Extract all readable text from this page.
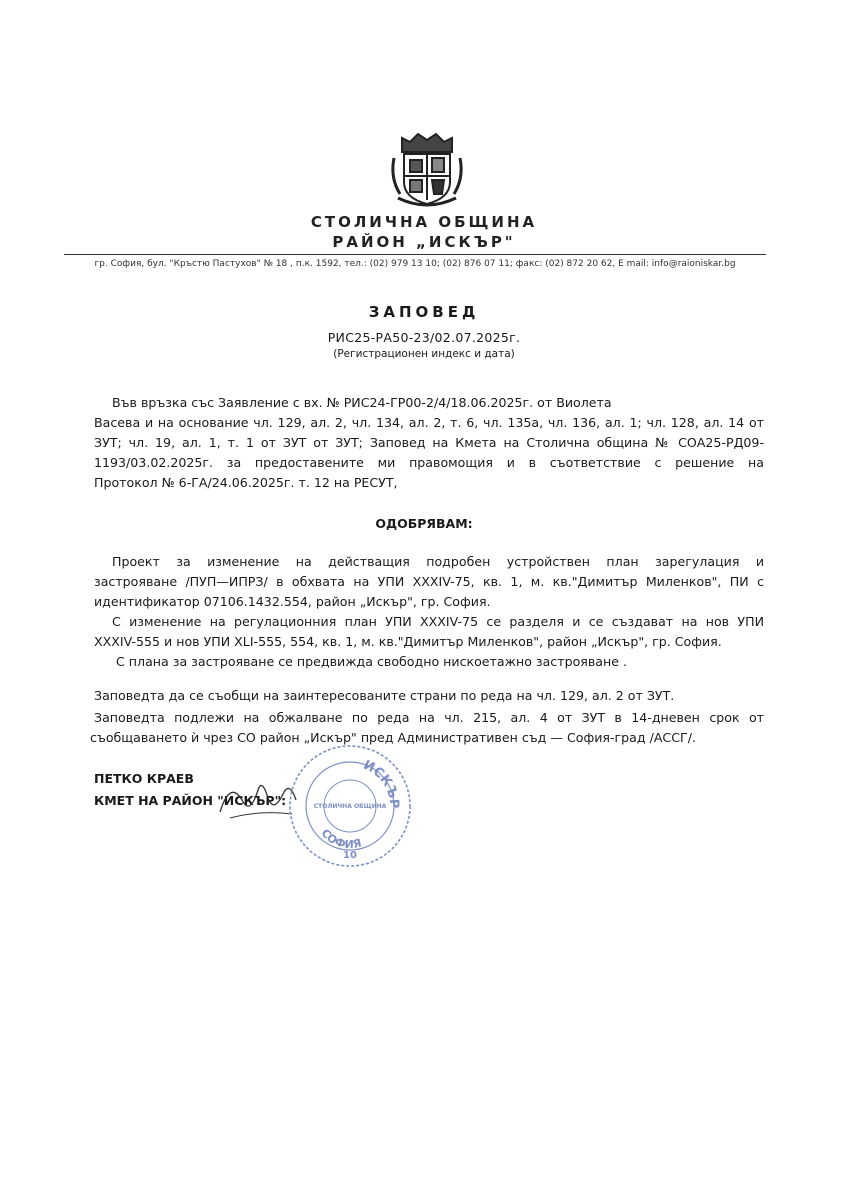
СТОЛИЧНА ОБЩИНА
РАЙОН „ИСКЪР"
гр. София, бул. "Кръстю Пастухов" № 18 , п.к. 1592, тел.: (02) 979 13 10; (02) 876 07 11; факс: (02) 872 20 62, E mail: info@raioniskar.bg
ЗАПОВЕД
РИС25-РА50-23/02.07.2025г.
(Регистрационен индекс и дата)
Във връзка със Заявление с вх. № РИС24-ГР00-2/4/18.06.2025г. от Виолета
Васева и на основание чл. 129, ал. 2, чл. 134, ал. 2, т. 6, чл. 135а, чл. 136, ал. 1; чл. 128, ал. 14 от
ЗУТ; чл. 19, ал. 1, т. 1 от ЗУТ от ЗУТ; Заповед на Кмета на Столична община № СОА25-РД09-
1193/03.02.2025г. за предоставените ми правомощия и в съответствие с решение на
Протокол № 6-ГА/24.06.2025г. т. 12 на РЕСУТ,
ОДОБРЯВАМ:
Проект за изменение на действащия подробен устройствен план зарегулация и
застрояване /ПУП—ИПРЗ/ в обхвата на УПИ XXXIV-75, кв. 1, м. кв."Димитър Миленков", ПИ с
идентификатор 07106.1432.554, район „Искър", гр. София.
С изменение на регулационния план УПИ XXXIV-75 се разделя и се създават на нов УПИ
XXXIV-555 и нов УПИ XLI-555, 554, кв. 1, м. кв."Димитър Миленков", район „Искър", гр. София.
С плана за застрояване се предвижда свободно нискоетажно застрояване .
Заповедта да се съобщи на заинтересованите страни по реда на чл. 129, ал. 2 от ЗУТ.
Заповедта подлежи на обжалване по реда на чл. 215, ал. 4 от ЗУТ в 14-дневен срок от
съобщаването ѝ чрез СО район „Искър" пред Административен съд — София-град /АССГ/.
ПЕТКО КРАЕВ
КМЕТ НА РАЙОН "ИСКЪР":
ИСКЪР
СОФИЯ
СТОЛИЧНА ОБЩИНА
10
